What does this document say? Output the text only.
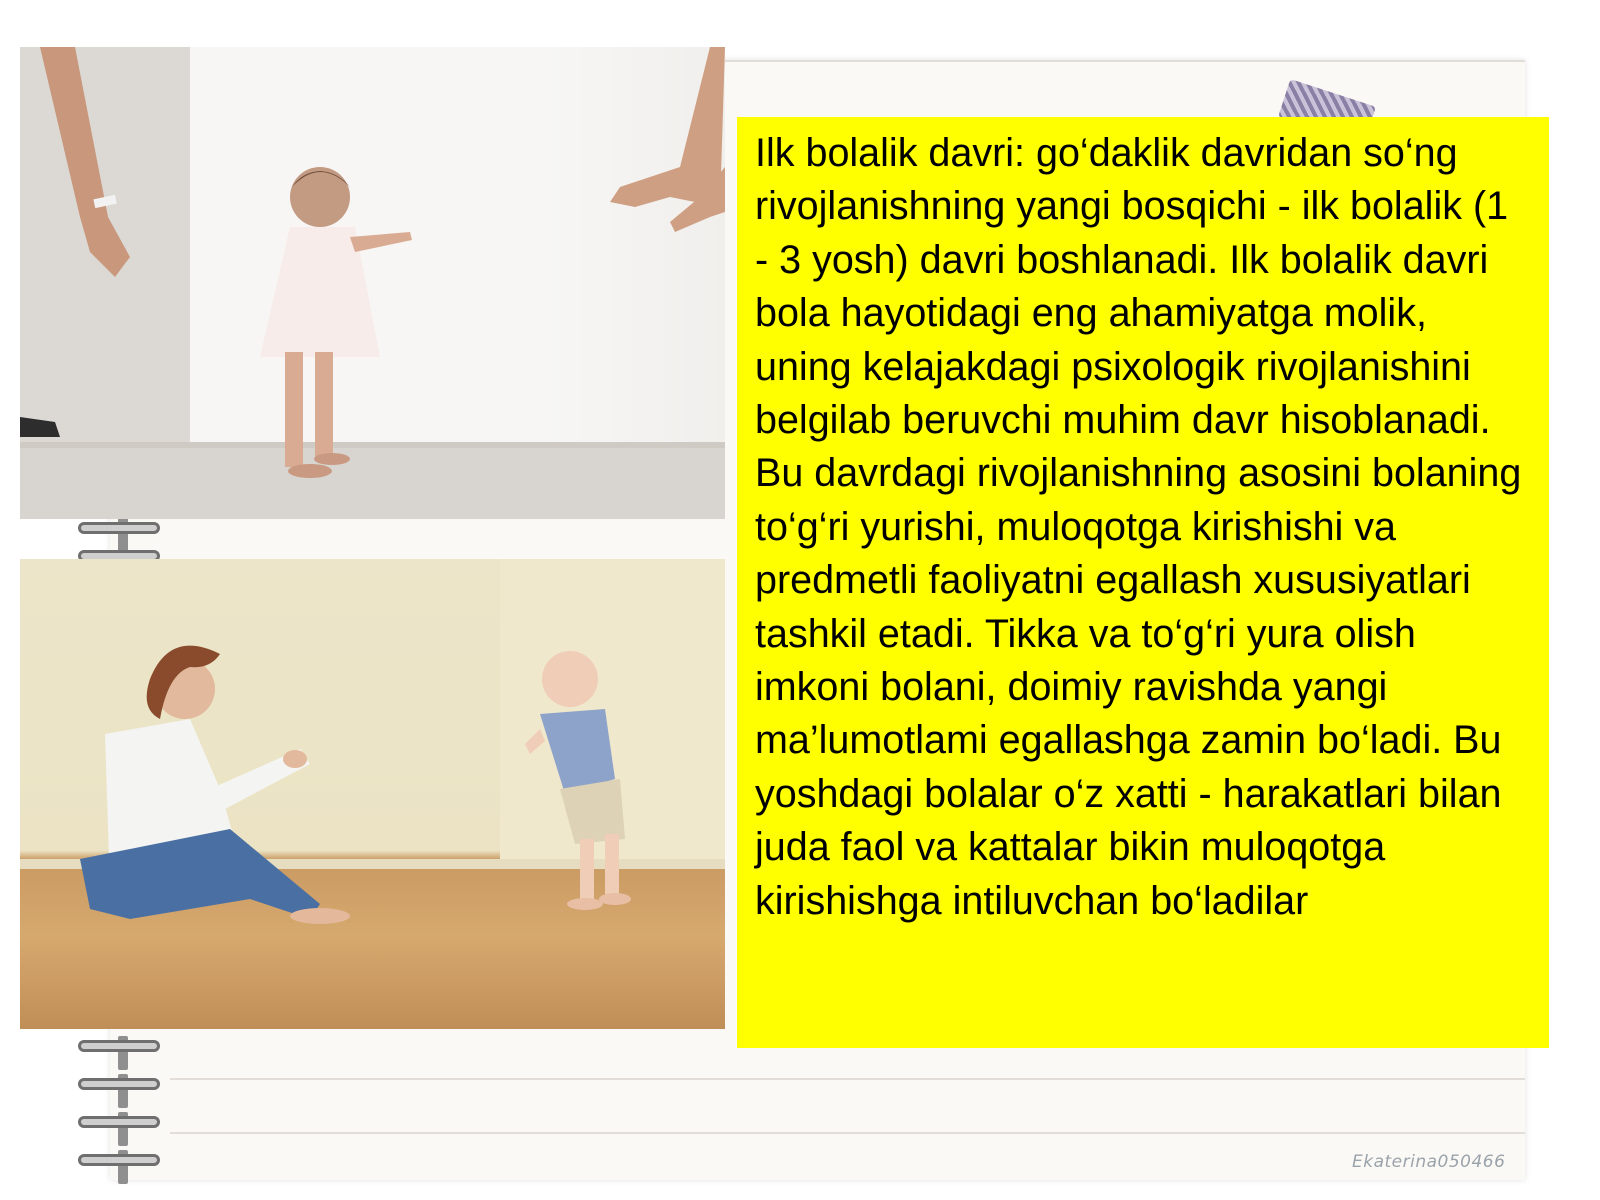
Ilk bolalik davri: go‘daklik davridan so‘ng rivojlanishning yangi bosqichi - ilk bolalik (1 - 3 yosh) davri boshlanadi. Ilk bolalik davri bola hayotidagi eng ahamiyatga molik, uning kelajakdagi psixologik rivojlanishini belgilab beruvchi muhim davr hisoblanadi. Bu davrdagi rivojlanishning asosini bolaning to‘g‘ri yurishi, muloqotga kirishishi va predmetli faoliyatni egallash xususiyatlari tashkil etadi. Tikka va to‘g‘ri yura olish imkoni bolani, doimiy ravishda yangi ma’lumotlami egallashga zamin bo‘ladi. Bu yoshdagi bolalar o‘z xatti - harakatlari bilan juda faol va kattalar bikin muloqotga kirishishga intiluvchan bo‘ladilar

Ekaterina050466
